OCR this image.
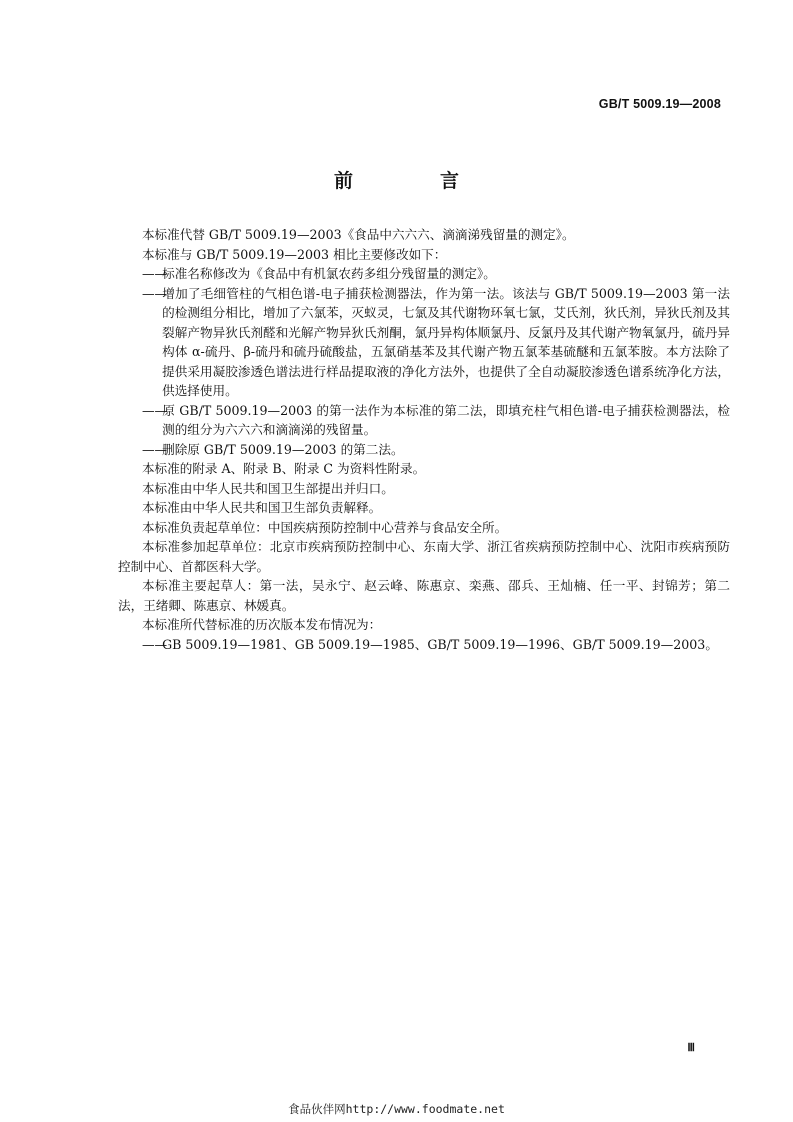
GB/T 5009.19—2008
前　言

本标准代替 GB/T 5009.19—2003《食品中六六六、滴滴涕残留量的测定》。

本标准与 GB/T 5009.19—2003 相比主要修改如下：

——标准名称修改为《食品中有机氯农药多组分残留量的测定》。

——增加了毛细管柱的气相色谱-电子捕获检测器法，作为第一法。该法与 GB/T 5009.19—2003 第一法的检测组分相比，增加了六氯苯，灭蚁灵，七氯及其代谢物环氧七氯，艾氏剂，狄氏剂，异狄氏剂及其裂解产物异狄氏剂醛和光解产物异狄氏剂酮，氯丹异构体顺氯丹、反氯丹及其代谢产物氧氯丹，硫丹异构体 α-硫丹、β-硫丹和硫丹硫酸盐，五氯硝基苯及其代谢产物五氯苯基硫醚和五氯苯胺。本方法除了提供采用凝胶渗透色谱法进行样品提取液的净化方法外，也提供了全自动凝胶渗透色谱系统净化方法，供选择使用。

——原 GB/T 5009.19—2003 的第一法作为本标准的第二法，即填充柱气相色谱-电子捕获检测器法，检测的组分为六六六和滴滴涕的残留量。

——删除原 GB/T 5009.19—2003 的第二法。

本标准的附录 A、附录 B、附录 C 为资料性附录。

本标准由中华人民共和国卫生部提出并归口。

本标准由中华人民共和国卫生部负责解释。

本标准负责起草单位：中国疾病预防控制中心营养与食品安全所。

本标准参加起草单位：北京市疾病预防控制中心、东南大学、浙江省疾病预防控制中心、沈阳市疾病预防控制中心、首都医科大学。

本标准主要起草人：第一法，吴永宁、赵云峰、陈惠京、栾燕、邵兵、王灿楠、任一平、封锦芳；第二法，王绪卿、陈惠京、林媛真。

本标准所代替标准的历次版本发布情况为：

——GB 5009.19—1981、GB 5009.19—1985、GB/T 5009.19—1996、GB/T 5009.19—2003。

Ⅲ
食品伙伴网http://www.foodmate.net
